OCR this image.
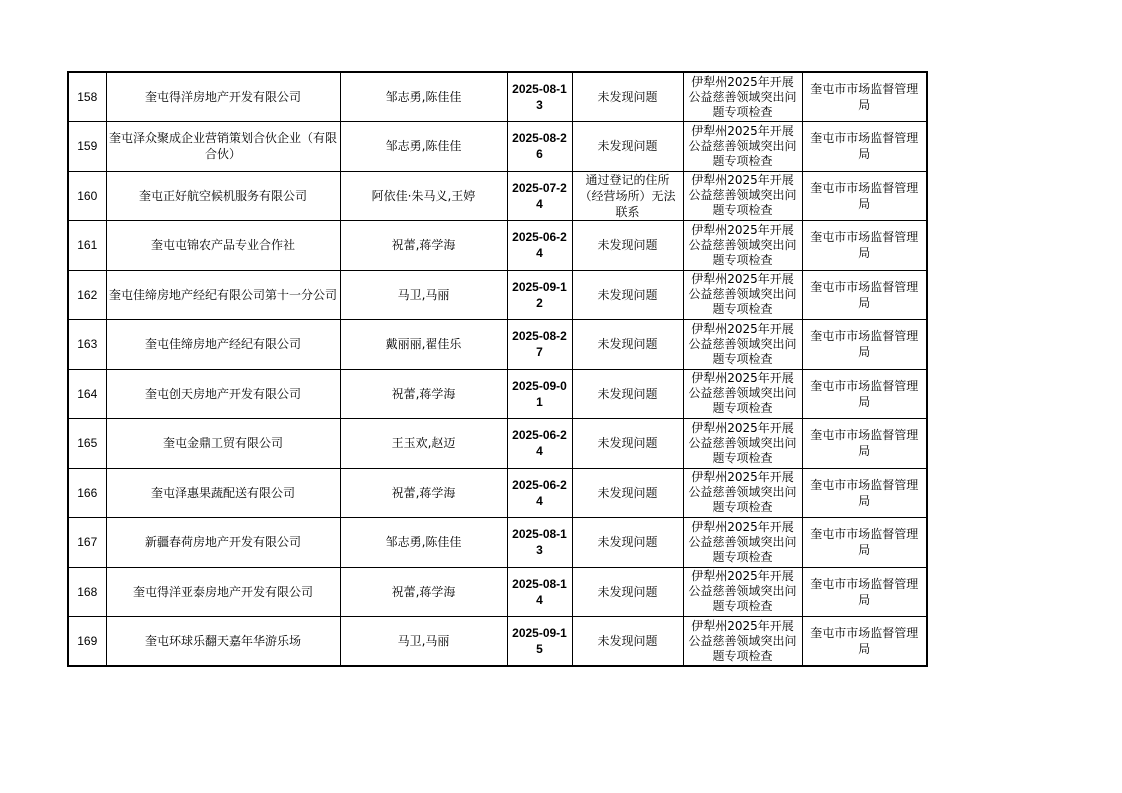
158	奎屯得洋房地产开发有限公司	邹志勇,陈佳佳	2025-08-13	未发现问题	伊犁州2025年开展公益慈善领域突出问题专项检查	奎屯市市场监督管理局
159	奎屯泽众聚成企业营销策划合伙企业（有限合伙）	邹志勇,陈佳佳	2025-08-26	未发现问题	伊犁州2025年开展公益慈善领域突出问题专项检查	奎屯市市场监督管理局
160	奎屯正好航空候机服务有限公司	阿依佳·朱马义,王婷	2025-07-24	通过登记的住所（经营场所）无法联系	伊犁州2025年开展公益慈善领域突出问题专项检查	奎屯市市场监督管理局
161	奎屯屯锦农产品专业合作社	祝蕾,蒋学海	2025-06-24	未发现问题	伊犁州2025年开展公益慈善领域突出问题专项检查	奎屯市市场监督管理局
162	奎屯佳缔房地产经纪有限公司第十一分公司	马卫,马丽	2025-09-12	未发现问题	伊犁州2025年开展公益慈善领域突出问题专项检查	奎屯市市场监督管理局
163	奎屯佳缔房地产经纪有限公司	戴丽丽,翟佳乐	2025-08-27	未发现问题	伊犁州2025年开展公益慈善领域突出问题专项检查	奎屯市市场监督管理局
164	奎屯创天房地产开发有限公司	祝蕾,蒋学海	2025-09-01	未发现问题	伊犁州2025年开展公益慈善领域突出问题专项检查	奎屯市市场监督管理局
165	奎屯金鼎工贸有限公司	王玉欢,赵迈	2025-06-24	未发现问题	伊犁州2025年开展公益慈善领域突出问题专项检查	奎屯市市场监督管理局
166	奎屯泽惠果蔬配送有限公司	祝蕾,蒋学海	2025-06-24	未发现问题	伊犁州2025年开展公益慈善领域突出问题专项检查	奎屯市市场监督管理局
167	新疆春荷房地产开发有限公司	邹志勇,陈佳佳	2025-08-13	未发现问题	伊犁州2025年开展公益慈善领域突出问题专项检查	奎屯市市场监督管理局
168	奎屯得洋亚泰房地产开发有限公司	祝蕾,蒋学海	2025-08-14	未发现问题	伊犁州2025年开展公益慈善领域突出问题专项检查	奎屯市市场监督管理局
169	奎屯环球乐翻天嘉年华游乐场	马卫,马丽	2025-09-15	未发现问题	伊犁州2025年开展公益慈善领域突出问题专项检查	奎屯市市场监督管理局
